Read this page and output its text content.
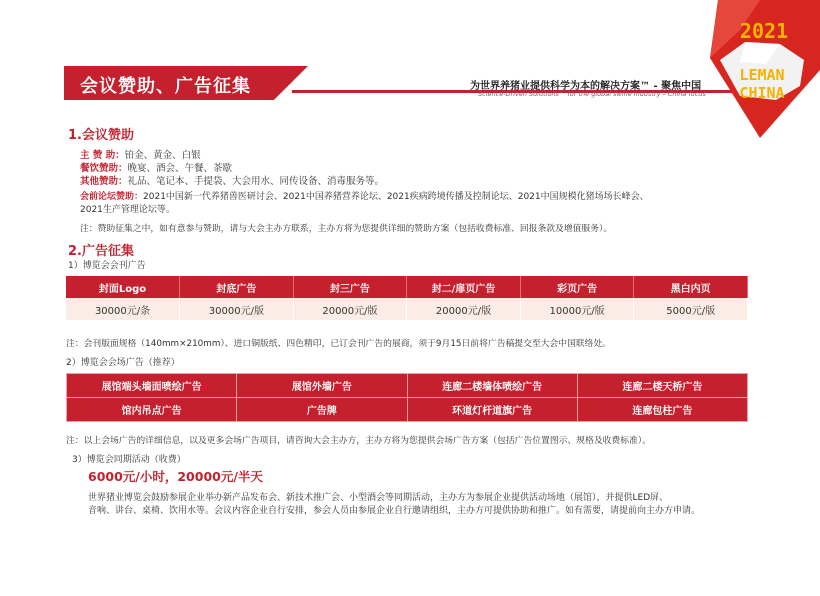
会议赞助、广告征集	为世界养猪业提供科学为本的解决方案™ - 聚焦中国
Science-Driven Solutions™ for the global swine industry – China focus
2021
LEMAN
CHINA
1.会议赞助
主 赞 助：铂金、黄金、白银
餐饮赞助：晚宴、酒会、午餐、茶歇
其他赞助：礼品、笔记本、手提袋、大会用水、同传设备、消毒服务等。
会前论坛赞助：2021中国新一代养猪兽医研讨会、2021中国养猪营养论坛、2021疾病跨境传播及控制论坛、2021中国规模化猪场场长峰会、
2021生产管理论坛等。
注：赞助征集之中，如有意参与赞助，请与大会主办方联系，主办方将为您提供详细的赞助方案（包括收费标准、回报条款及增值服务）。
2.广告征集
1）博览会会刊广告
封面Logo	封底广告	封三广告	封二/扉页广告	彩页广告	黑白内页
30000元/条	30000元/版	20000元/版	20000元/版	10000元/版	5000元/版
注：会刊版面规格（140mm×210mm）、进口铜版纸、四色精印，已订会刊广告的展商，须于9月15日前将广告稿提交至大会中国联络处。
2）博览会会场广告（推荐）
展馆端头墙面喷绘广告	展馆外墙广告	连廊二楼墙体喷绘广告	连廊二楼天桥广告
馆内吊点广告	广告牌	环道灯杆道旗广告	连廊包柱广告
注：以上会场广告的详细信息，以及更多会场广告项目，请咨询大会主办方，主办方将为您提供会场广告方案（包括广告位置图示、规格及收费标准）。
3）博览会同期活动（收费）
6000元/小时，20000元/半天
世界猪业博览会鼓励参展企业举办新产品发布会、新技术推广会、小型酒会等同期活动，主办方为参展企业提供活动场地（展馆），并提供LED屏、
音响、讲台、桌椅、饮用水等。会议内容企业自行安排，参会人员由参展企业自行邀请组织，主办方可提供协助和推广。如有需要，请提前向主办方申请。
